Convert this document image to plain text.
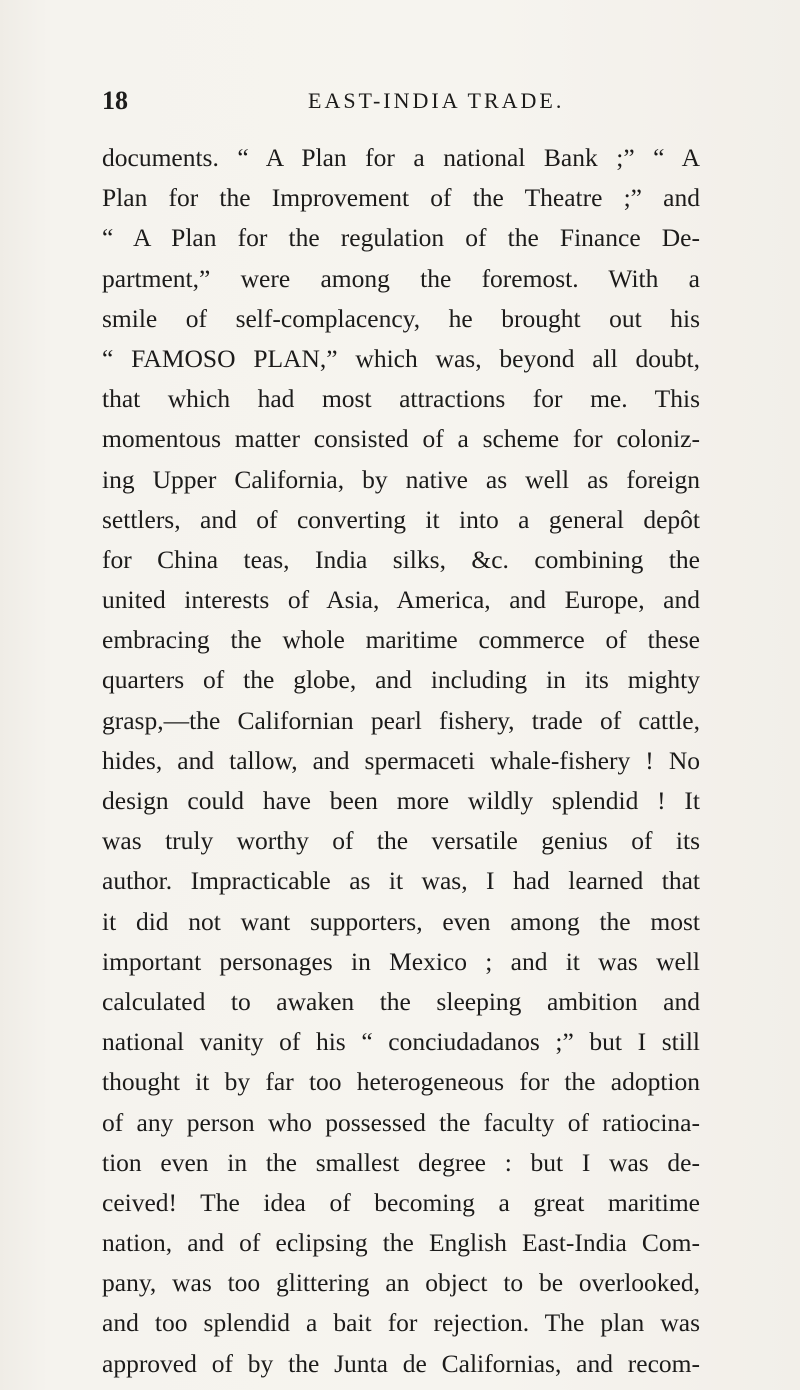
18	EAST-INDIA TRADE.
documents. “ A Plan for a national Bank ;” “ A
Plan for the Improvement of the Theatre ;” and
“ A Plan for the regulation of the Finance De-
partment,” were among the foremost. With a
smile of self-complacency, he brought out his
“ FAMOSO PLAN,” which was, beyond all doubt,
that which had most attractions for me. This
momentous matter consisted of a scheme for coloniz-
ing Upper California, by native as well as foreign
settlers, and of converting it into a general depôt
for China teas, India silks, &c. combining the
united interests of Asia, America, and Europe, and
embracing the whole maritime commerce of these
quarters of the globe, and including in its mighty
grasp,—the Californian pearl fishery, trade of cattle,
hides, and tallow, and spermaceti whale-fishery ! No
design could have been more wildly splendid ! It
was truly worthy of the versatile genius of its
author. Impracticable as it was, I had learned that
it did not want supporters, even among the most
important personages in Mexico ; and it was well
calculated to awaken the sleeping ambition and
national vanity of his “ conciudadanos ;” but I still
thought it by far too heterogeneous for the adoption
of any person who possessed the faculty of ratiocina-
tion even in the smallest degree : but I was de-
ceived! The idea of becoming a great maritime
nation, and of eclipsing the English East-India Com-
pany, was too glittering an object to be overlooked,
and too splendid a bait for rejection. The plan was
approved of by the Junta de Californias, and recom-
